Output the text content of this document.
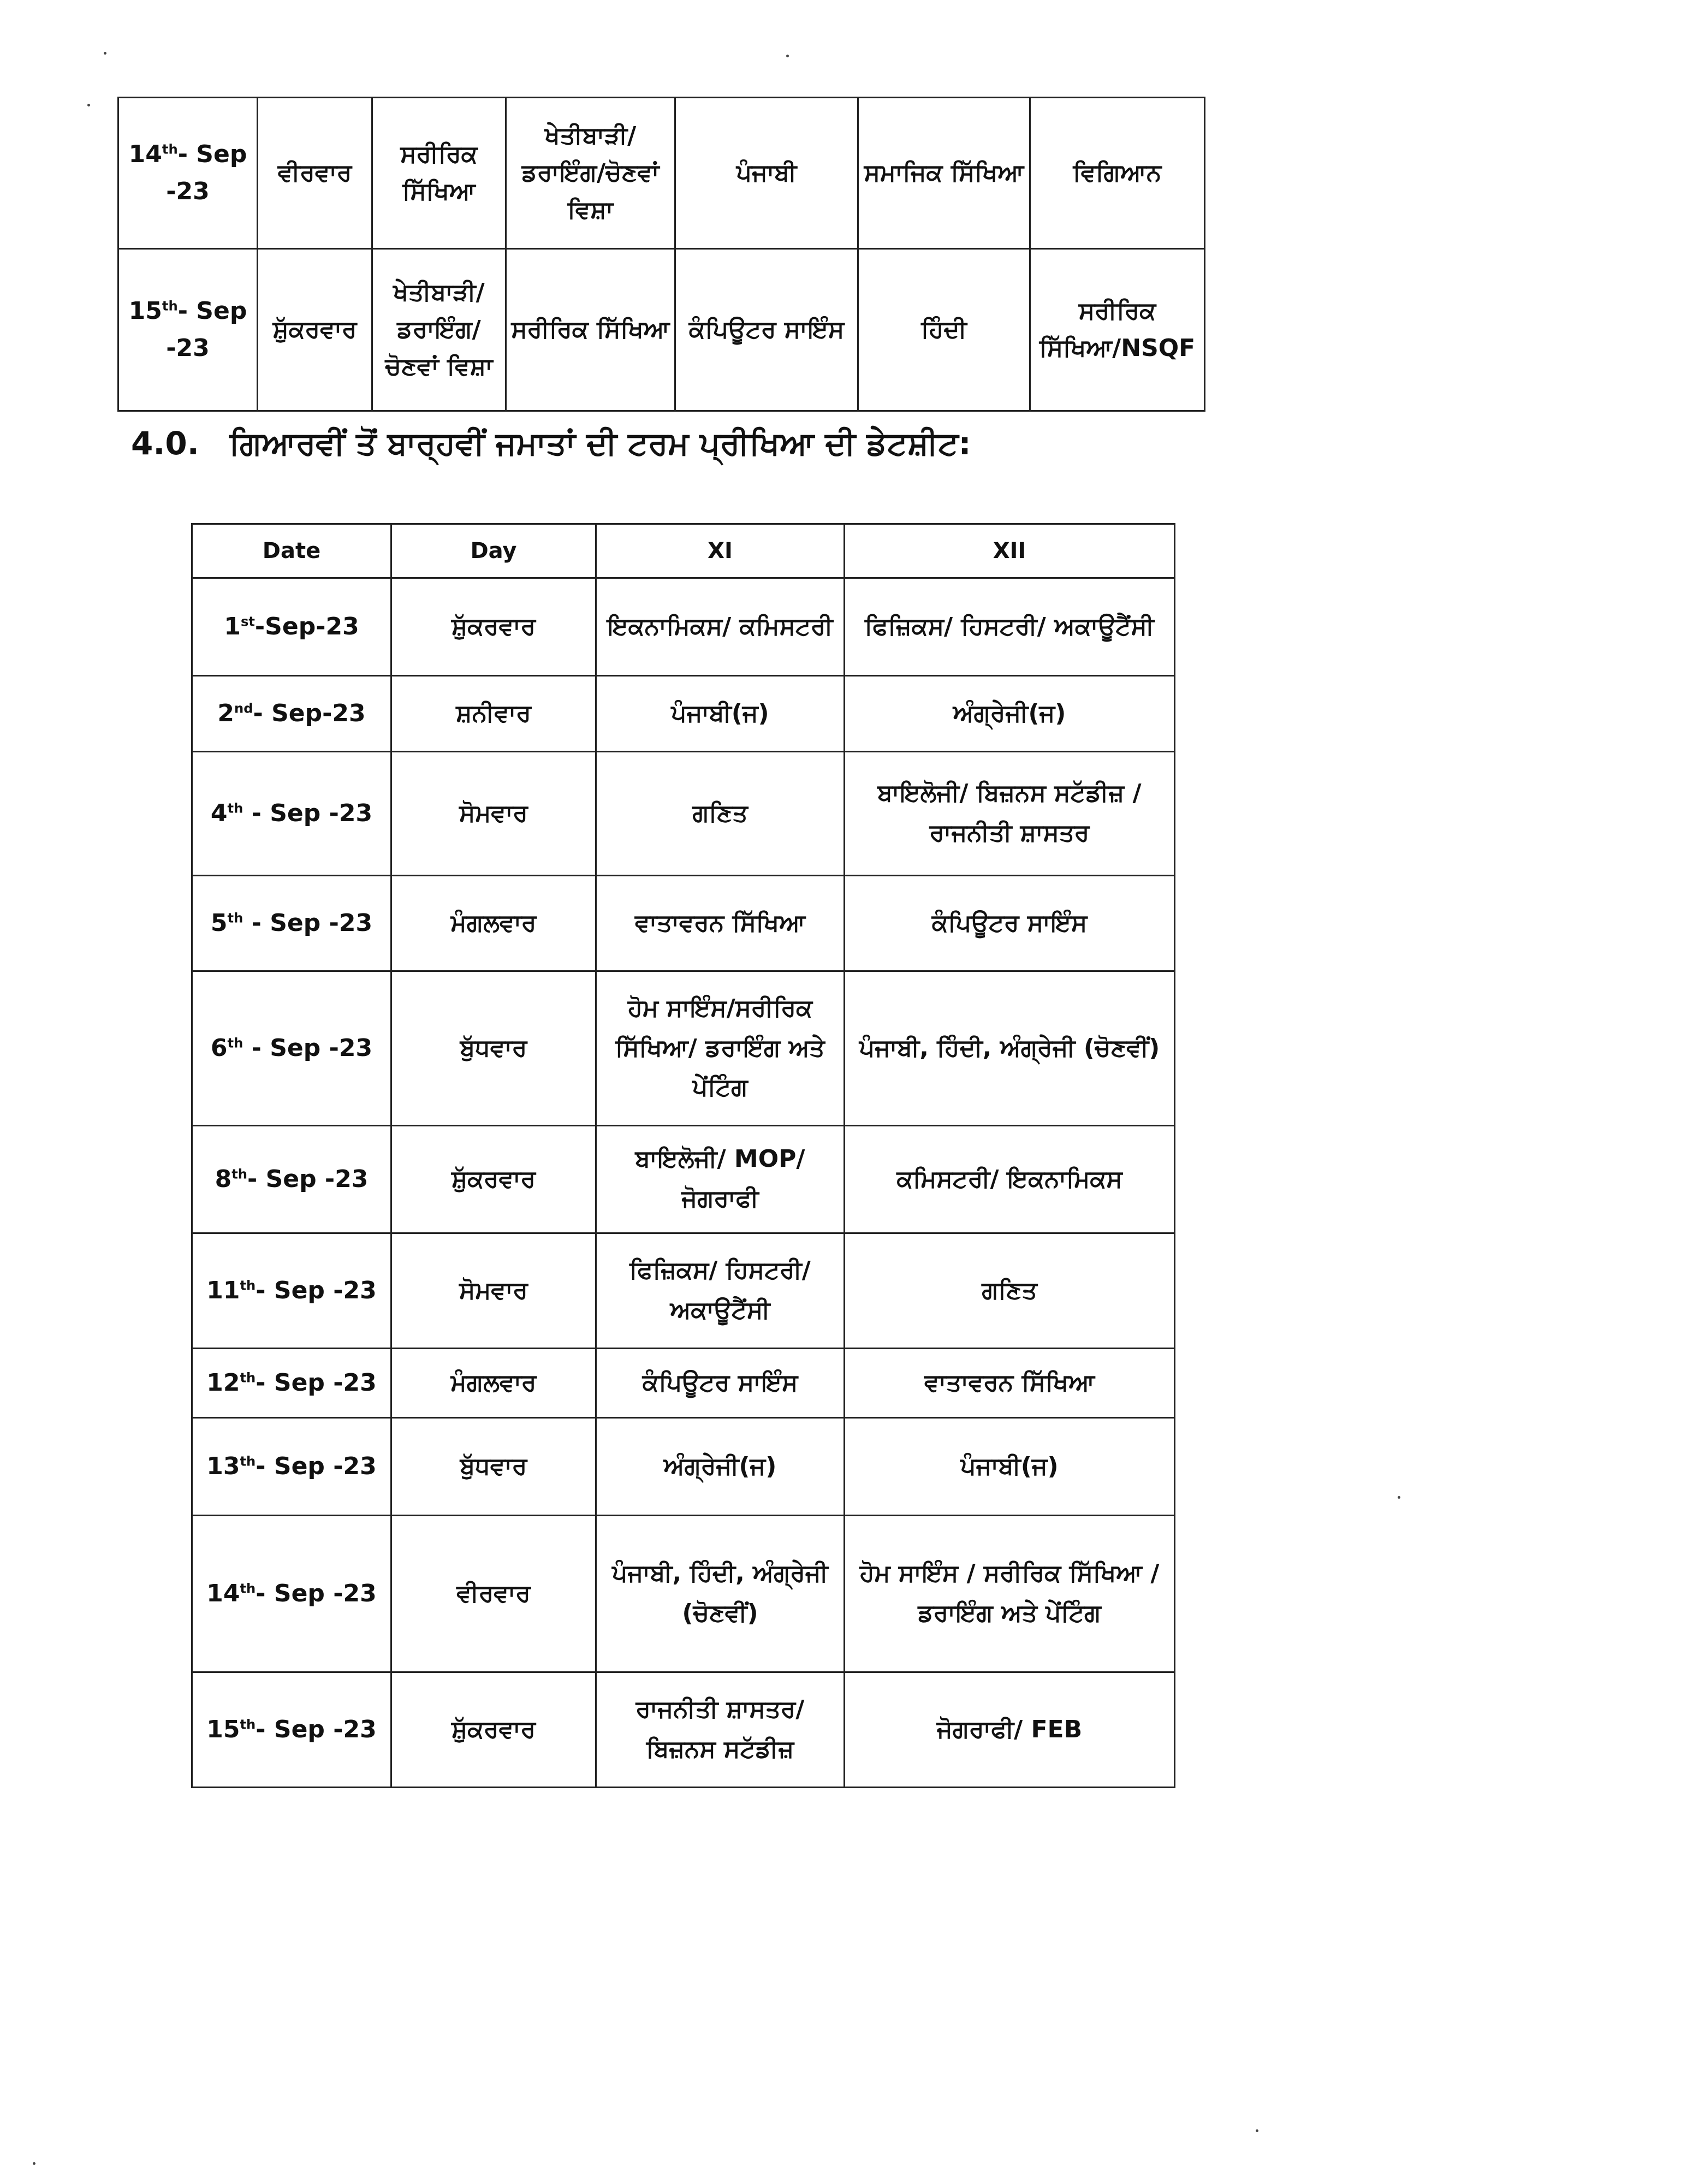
14th- Sep -23	ਵੀਰਵਾਰ	ਸਰੀਰਿਕ ਸਿੱਖਿਆ	ਖੇਤੀਬਾੜੀ/ ਡਰਾਇੰਗ/ਚੋਣਵਾਂ ਵਿਸ਼ਾ	ਪੰਜਾਬੀ	ਸਮਾਜਿਕ ਸਿੱਖਿਆ	ਵਿਗਿਆਨ
15th- Sep -23	ਸ਼ੁੱਕਰਵਾਰ	ਖੇਤੀਬਾੜੀ/ ਡਰਾਇੰਗ/ ਚੋਣਵਾਂ ਵਿਸ਼ਾ	ਸਰੀਰਿਕ ਸਿੱਖਿਆ	ਕੰਪਿਊਟਰ ਸਾਇੰਸ	ਹਿੰਦੀ	ਸਰੀਰਿਕ ਸਿੱਖਿਆ/NSQF
4.0. ਗਿਆਰਵੀਂ ਤੋਂ ਬਾਰ੍ਹਵੀਂ ਜਮਾਤਾਂ ਦੀ ਟਰਮ ਪ੍ਰੀਖਿਆ ਦੀ ਡੇਟਸ਼ੀਟ:
Date	Day	XI	XII
1st-Sep-23	ਸ਼ੁੱਕਰਵਾਰ	ਇਕਨਾਮਿਕਸ/ ਕਮਿਸਟਰੀ	ਫਿਜ਼ਿਕਸ/ ਹਿਸਟਰੀ/ ਅਕਾਊਟੈਂਸੀ
2nd- Sep-23	ਸ਼ਨੀਵਾਰ	ਪੰਜਾਬੀ(ਜ)	ਅੰਗ੍ਰੇਜੀ(ਜ)
4th - Sep -23	ਸੋਮਵਾਰ	ਗਣਿਤ	ਬਾਇਲੋਜੀ/ ਬਿਜ਼ਨਸ ਸਟੱਡੀਜ਼ / ਰਾਜਨੀਤੀ ਸ਼ਾਸਤਰ
5th - Sep -23	ਮੰਗਲਵਾਰ	ਵਾਤਾਵਰਨ ਸਿੱਖਿਆ	ਕੰਪਿਊਟਰ ਸਾਇੰਸ
6th - Sep -23	ਬੁੱਧਵਾਰ	ਹੋਮ ਸਾਇੰਸ/ਸਰੀਰਿਕ ਸਿੱਖਿਆ/ ਡਰਾਇੰਗ ਅਤੇ ਪੇਂਟਿੰਗ	ਪੰਜਾਬੀ, ਹਿੰਦੀ, ਅੰਗ੍ਰੇਜੀ (ਚੋਣਵੀਂ)
8th- Sep -23	ਸ਼ੁੱਕਰਵਾਰ	ਬਾਇਲੋਜੀ/ MOP/ਜੋਗਰਾਫੀ	ਕਮਿਸਟਰੀ/ ਇਕਨਾਮਿਕਸ
11th- Sep -23	ਸੋਮਵਾਰ	ਫਿਜ਼ਿਕਸ/ ਹਿਸਟਰੀ/ ਅਕਾਊਟੈਂਸੀ	ਗਣਿਤ
12th- Sep -23	ਮੰਗਲਵਾਰ	ਕੰਪਿਊਟਰ ਸਾਇੰਸ	ਵਾਤਾਵਰਨ ਸਿੱਖਿਆ
13th- Sep -23	ਬੁੱਧਵਾਰ	ਅੰਗ੍ਰੇਜੀ(ਜ)	ਪੰਜਾਬੀ(ਜ)
14th- Sep -23	ਵੀਰਵਾਰ	ਪੰਜਾਬੀ, ਹਿੰਦੀ, ਅੰਗ੍ਰੇਜੀ (ਚੋਣਵੀਂ)	ਹੋਮ ਸਾਇੰਸ / ਸਰੀਰਿਕ ਸਿੱਖਿਆ / ਡਰਾਇੰਗ ਅਤੇ ਪੇਂਟਿੰਗ
15th- Sep -23	ਸ਼ੁੱਕਰਵਾਰ	ਰਾਜਨੀਤੀ ਸ਼ਾਸਤਰ/ ਬਿਜ਼ਨਸ ਸਟੱਡੀਜ਼	ਜੋਗਰਾਫੀ/ FEB
